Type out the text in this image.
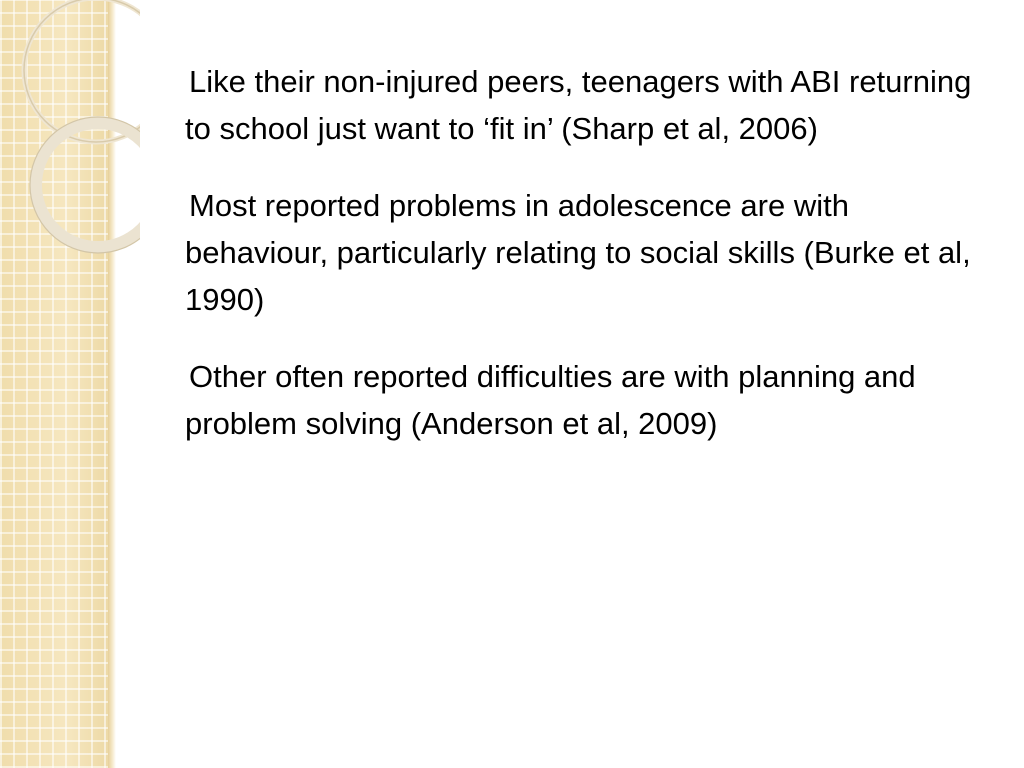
Like their non-injured peers, teenagers with ABI returning to school just want to ‘fit in’ (Sharp et al, 2006)

Most reported problems in adolescence are with behaviour, particularly relating to social skills (Burke et al, 1990)

Other often reported difficulties are with planning and problem solving (Anderson et al, 2009)
